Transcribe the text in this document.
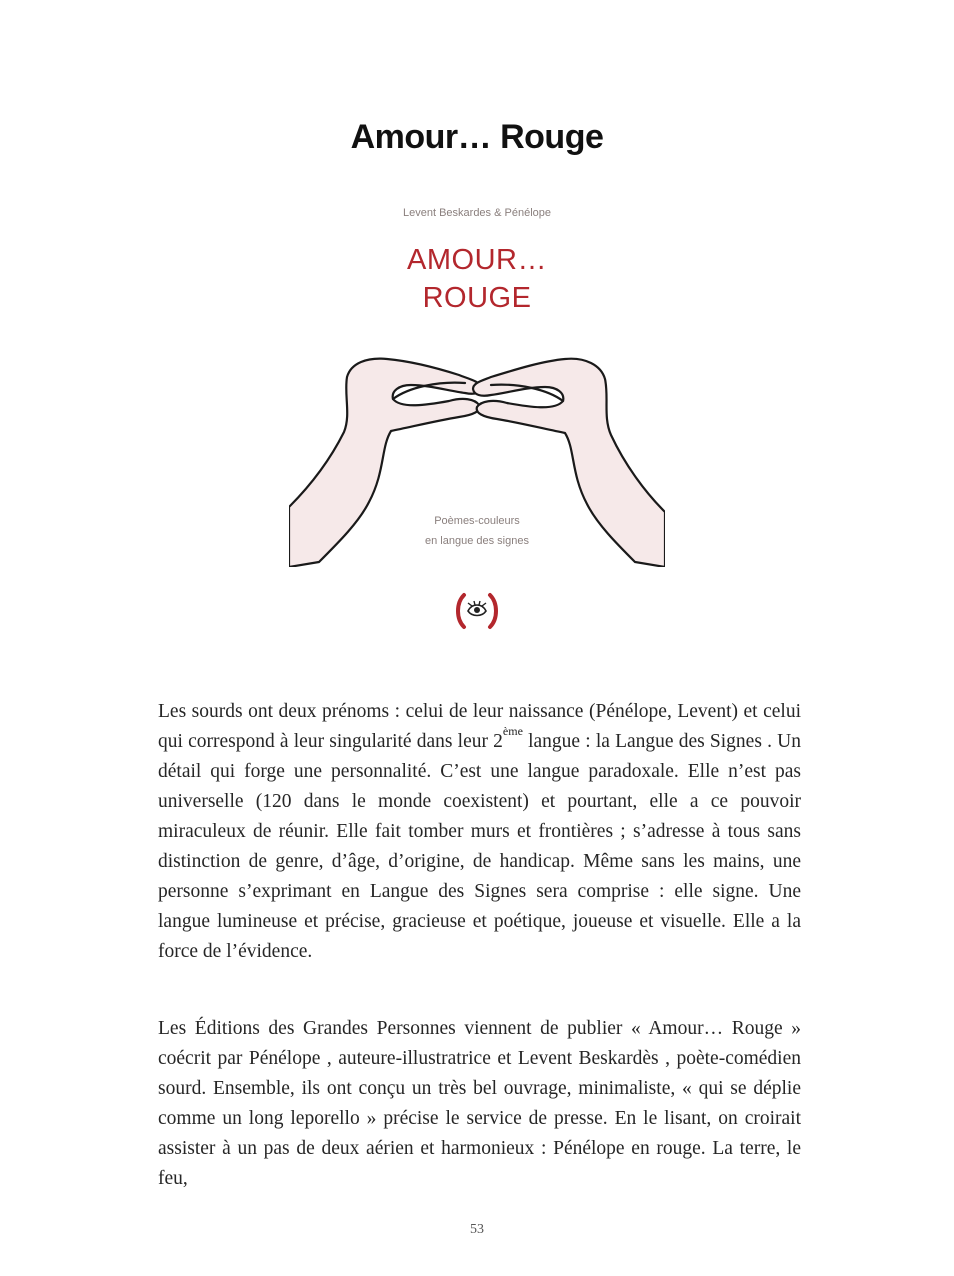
Amour… Rouge
Levent Beskardes & Pénélope
AMOUR…
ROUGE
Poèmes-couleurs
en langue des signes

Les sourds ont deux prénoms : celui de leur naissance (Pénélope, Levent) et celui qui correspond à leur singularité dans leur 2ème langue : la Langue des Signes . Un détail qui forge une personnalité. C’est une langue paradoxale. Elle n’est pas universelle (120 dans le monde coexistent) et pourtant, elle a ce pouvoir miraculeux de réunir. Elle fait tomber murs et frontières ; s’adresse à tous sans distinction de genre, d’âge, d’origine, de handicap. Même sans les mains, une personne s’exprimant en Langue des Signes sera comprise : elle signe. Une langue lumineuse et précise, gracieuse et poétique, joueuse et visuelle. Elle a la force de l’évidence.

Les Éditions des Grandes Personnes viennent de publier « Amour… Rouge » coécrit par Pénélope , auteure-illustratrice et Levent Beskardès , poète-comédien sourd. Ensemble, ils ont conçu un très bel ouvrage, minimaliste, « qui se déplie comme un long leporello » précise le service de presse. En le lisant, on croirait assister à un pas de deux aérien et harmonieux : Pénélope en rouge. La terre, le feu,

53
